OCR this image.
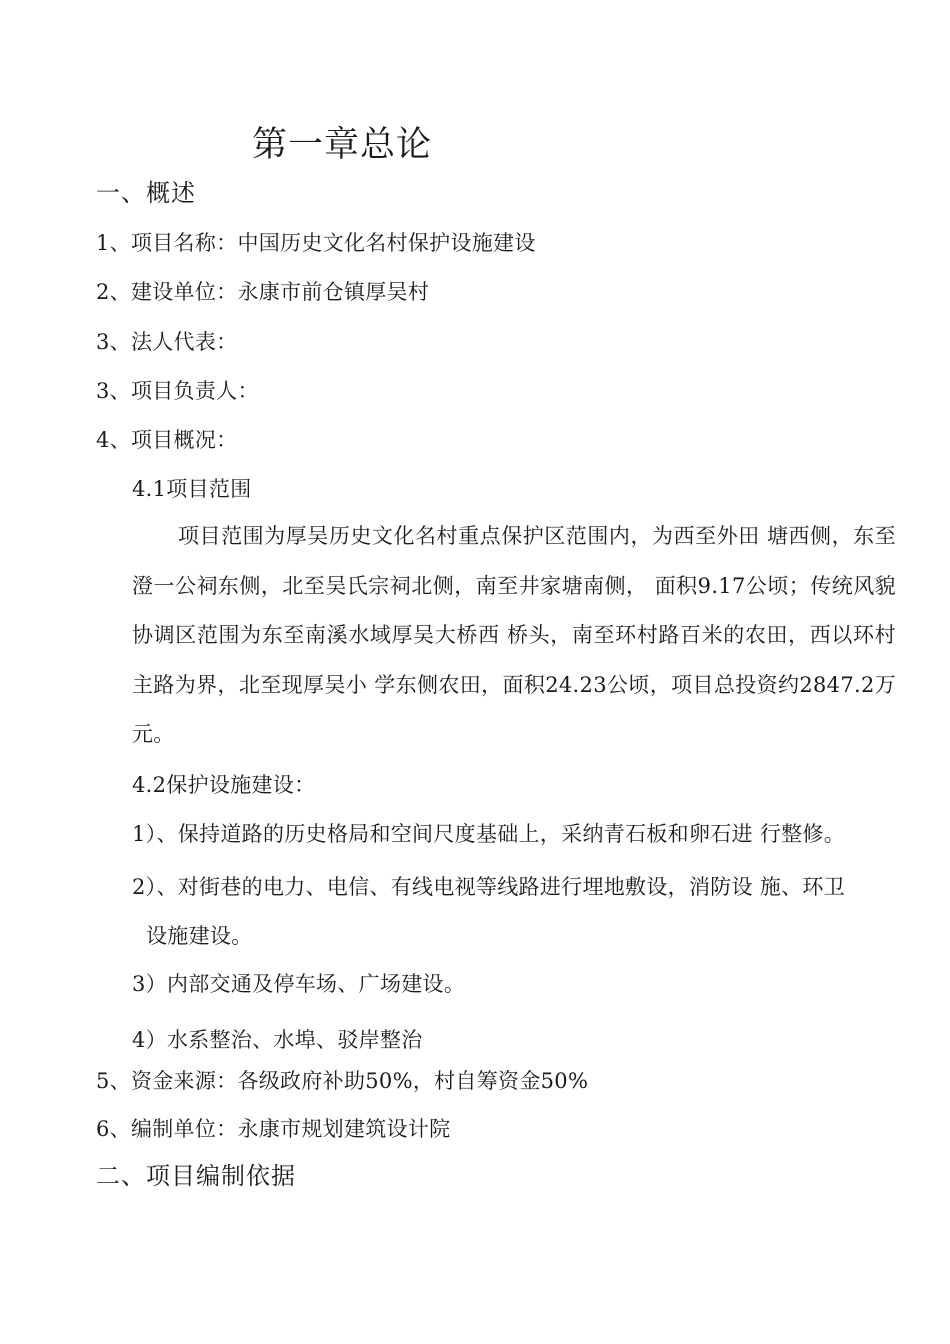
第一章总论
一、概述
1、项目名称：中国历史文化名村保护设施建设
2、建设单位：永康市前仓镇厚吴村
3、法人代表：
3、项目负责人：
4、项目概况：
4.1项目范围
项目范围为厚吴历史文化名村重点保护区范围内，为西至外田 塘西侧，东至澄一公祠东侧，北至吴氏宗祠北侧，南至井家塘南侧， 面积9.17公顷；传统风貌协调区范围为东至南溪水域厚吴大桥西 桥头，南至环村路百米的农田，西以环村主路为界，北至现厚吴小 学东侧农田，面积24.23公顷，项目总投资约2847.2万元。
4.2保护设施建设：
1）、保持道路的历史格局和空间尺度基础上，采纳青石板和卵石进 行整修。
2）、对街巷的电力、电信、有线电视等线路进行埋地敷设，消防设 施、环卫
设施建设。
3）内部交通及停车场、广场建设。
4）水系整治、水埠、驳岸整治
5、资金来源：各级政府补助50%，村自筹资金50%
6、编制单位：永康市规划建筑设计院
二、项目编制依据
